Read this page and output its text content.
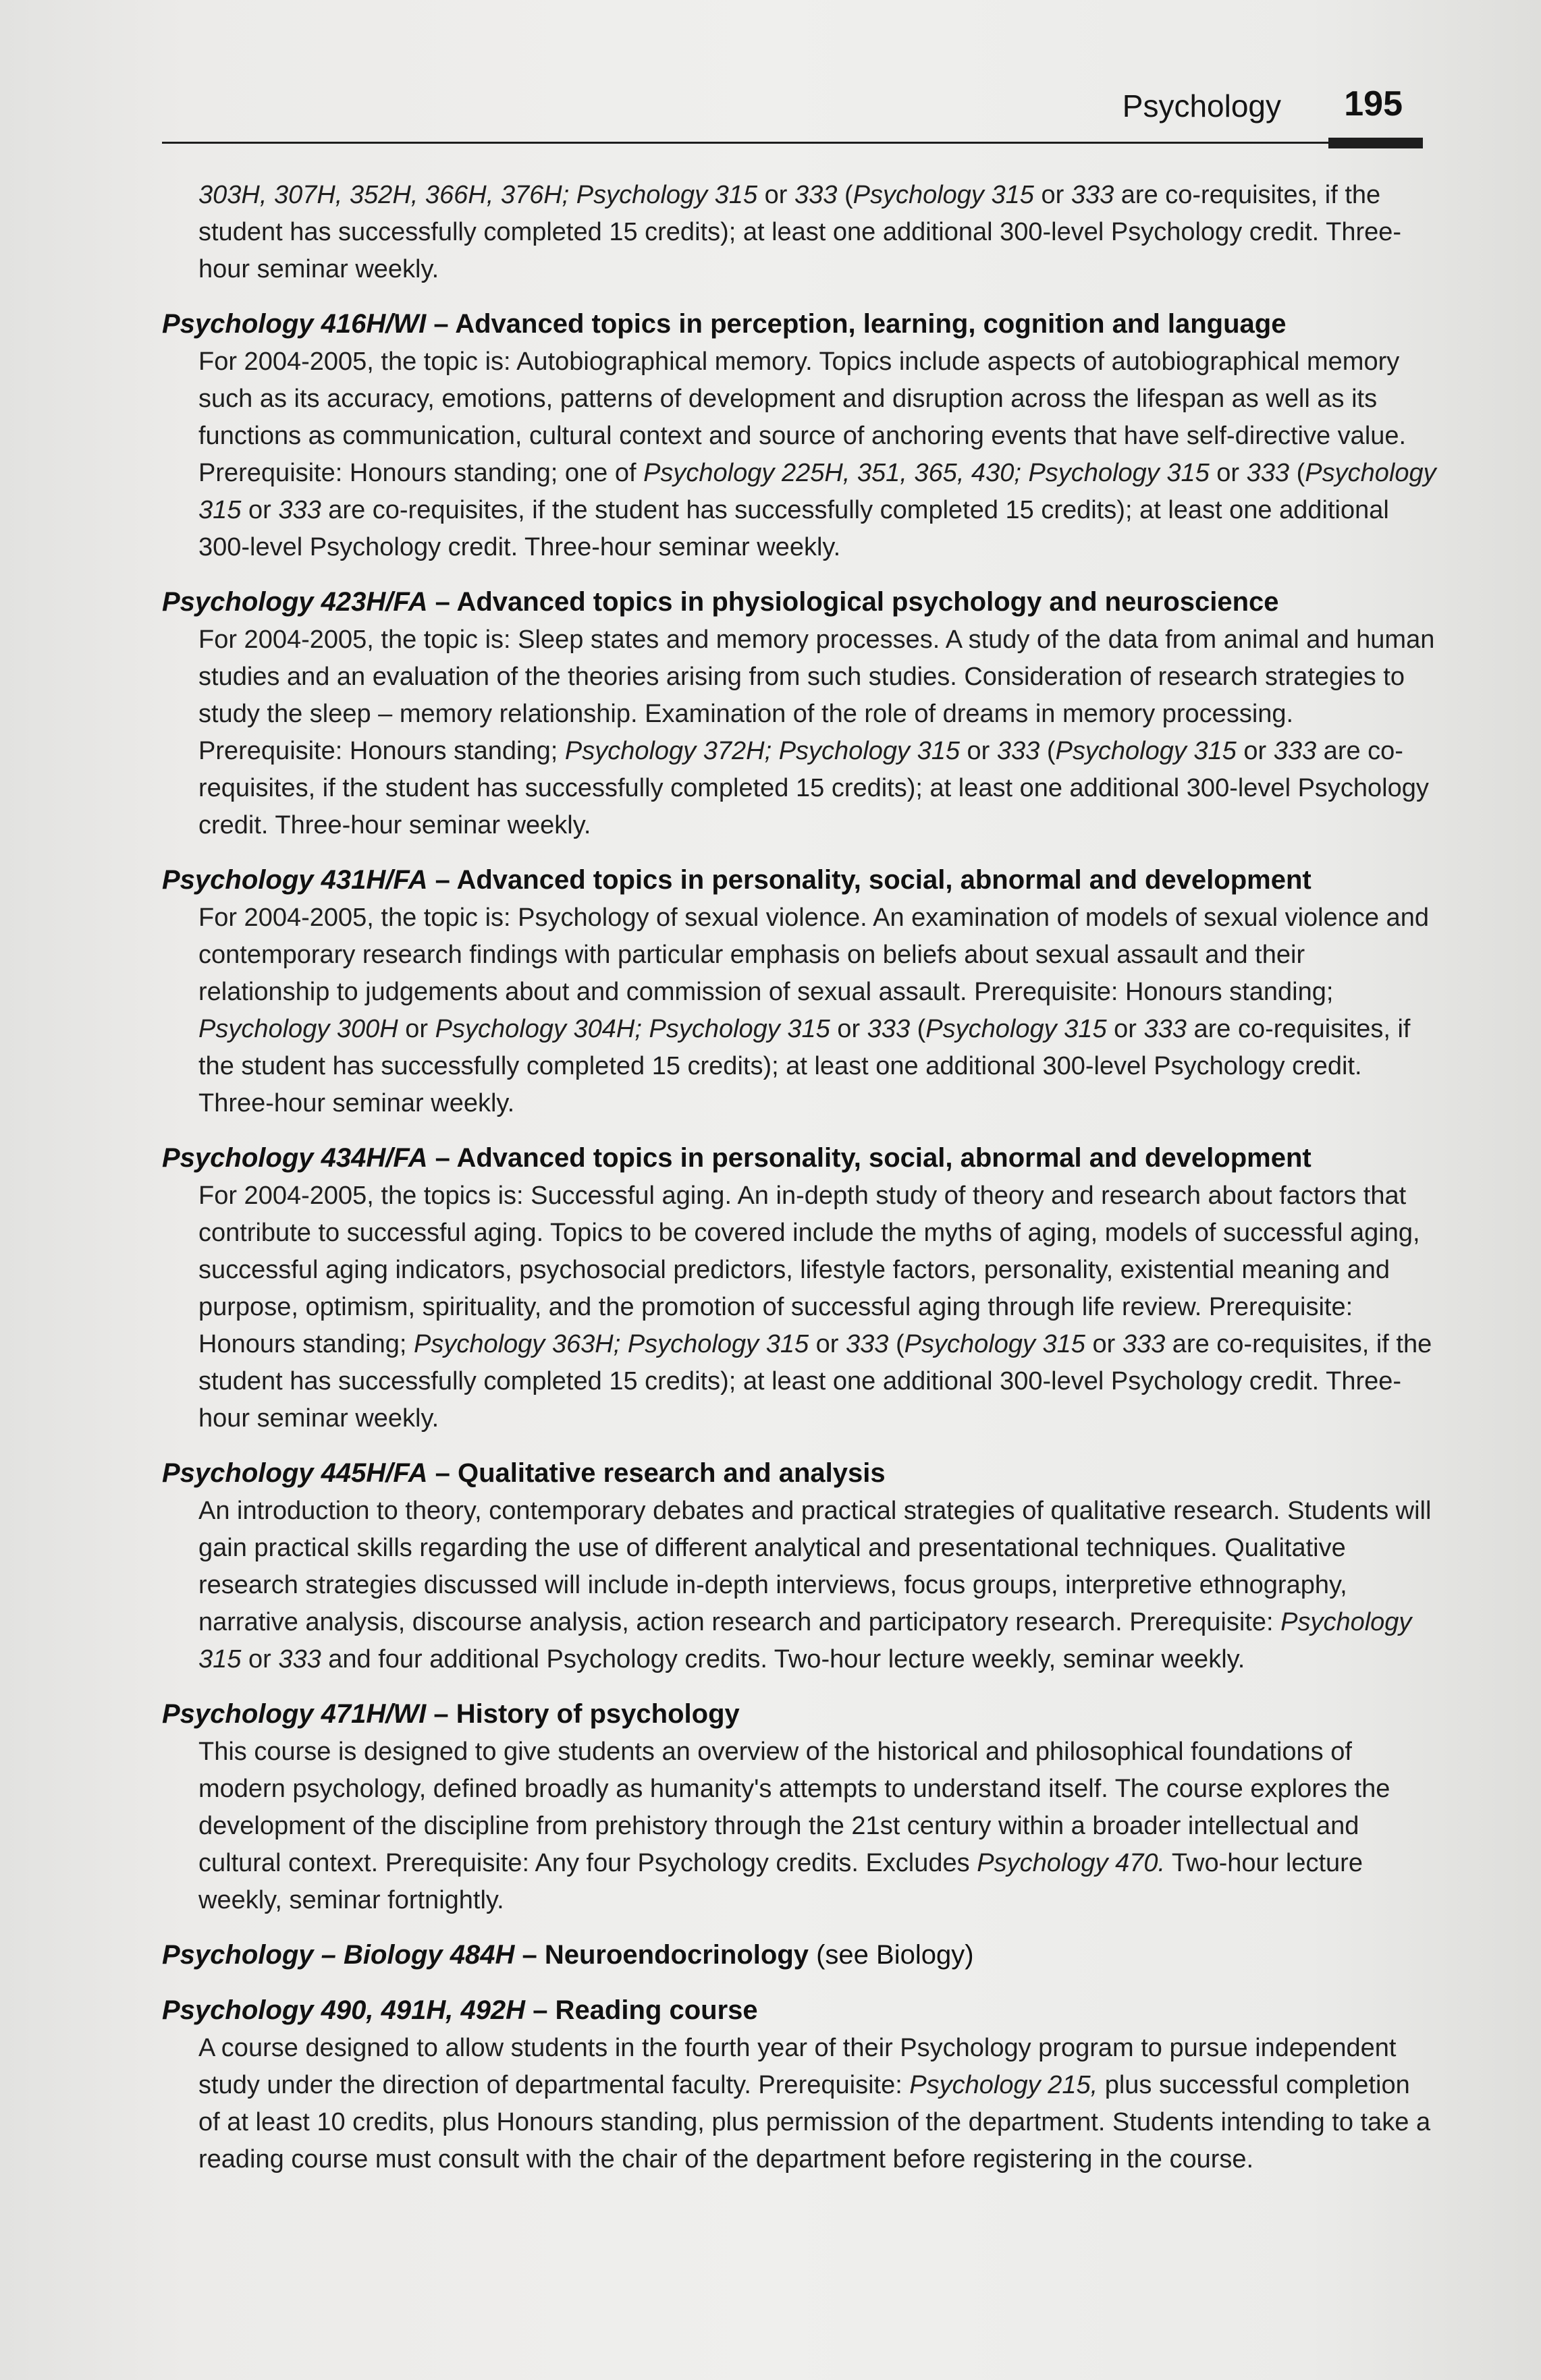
Psychology 195
303H, 307H, 352H, 366H, 376H; Psychology 315 or 333 (Psychology 315 or 333 are co-requisites, if the student has successfully completed 15 credits); at least one additional 300-level Psychology credit. Three-hour seminar weekly.
Psychology 416H/WI – Advanced topics in perception, learning, cognition and language
For 2004-2005, the topic is: Autobiographical memory. Topics include aspects of autobiographical memory such as its accuracy, emotions, patterns of development and disruption across the lifespan as well as its functions as communication, cultural context and source of anchoring events that have self-directive value. Prerequisite: Honours standing; one of Psychology 225H, 351, 365, 430; Psychology 315 or 333 (Psychology 315 or 333 are co-requisites, if the student has successfully completed 15 credits); at least one additional 300-level Psychology credit. Three-hour seminar weekly.
Psychology 423H/FA – Advanced topics in physiological psychology and neuroscience
For 2004-2005, the topic is: Sleep states and memory processes. A study of the data from animal and human studies and an evaluation of the theories arising from such studies. Consideration of research strategies to study the sleep – memory relationship. Examination of the role of dreams in memory processing. Prerequisite: Honours standing; Psychology 372H; Psychology 315 or 333 (Psychology 315 or 333 are co-requisites, if the student has successfully completed 15 credits); at least one additional 300-level Psychology credit. Three-hour seminar weekly.
Psychology 431H/FA – Advanced topics in personality, social, abnormal and development
For 2004-2005, the topic is: Psychology of sexual violence. An examination of models of sexual violence and contemporary research findings with particular emphasis on beliefs about sexual assault and their relationship to judgements about and commission of sexual assault. Prerequisite: Honours standing; Psychology 300H or Psychology 304H; Psychology 315 or 333 (Psychology 315 or 333 are co-requisites, if the student has successfully completed 15 credits); at least one additional 300-level Psychology credit. Three-hour seminar weekly.
Psychology 434H/FA – Advanced topics in personality, social, abnormal and development
For 2004-2005, the topics is: Successful aging. An in-depth study of theory and research about factors that contribute to successful aging. Topics to be covered include the myths of aging, models of successful aging, successful aging indicators, psychosocial predictors, lifestyle factors, personality, existential meaning and purpose, optimism, spirituality, and the promotion of successful aging through life review. Prerequisite: Honours standing; Psychology 363H; Psychology 315 or 333 (Psychology 315 or 333 are co-requisites, if the student has successfully completed 15 credits); at least one additional 300-level Psychology credit. Three-hour seminar weekly.
Psychology 445H/FA – Qualitative research and analysis
An introduction to theory, contemporary debates and practical strategies of qualitative research. Students will gain practical skills regarding the use of different analytical and presentational techniques. Qualitative research strategies discussed will include in-depth interviews, focus groups, interpretive ethnography, narrative analysis, discourse analysis, action research and participatory research. Prerequisite: Psychology 315 or 333 and four additional Psychology credits. Two-hour lecture weekly, seminar weekly.
Psychology 471H/WI – History of psychology
This course is designed to give students an overview of the historical and philosophical foundations of modern psychology, defined broadly as humanity's attempts to understand itself. The course explores the development of the discipline from prehistory through the 21st century within a broader intellectual and cultural context. Prerequisite: Any four Psychology credits. Excludes Psychology 470. Two-hour lecture weekly, seminar fortnightly.
Psychology – Biology 484H – Neuroendocrinology (see Biology)
Psychology 490, 491H, 492H – Reading course
A course designed to allow students in the fourth year of their Psychology program to pursue independent study under the direction of departmental faculty. Prerequisite: Psychology 215, plus successful completion of at least 10 credits, plus Honours standing, plus permission of the department. Students intending to take a reading course must consult with the chair of the department before registering in the course.
